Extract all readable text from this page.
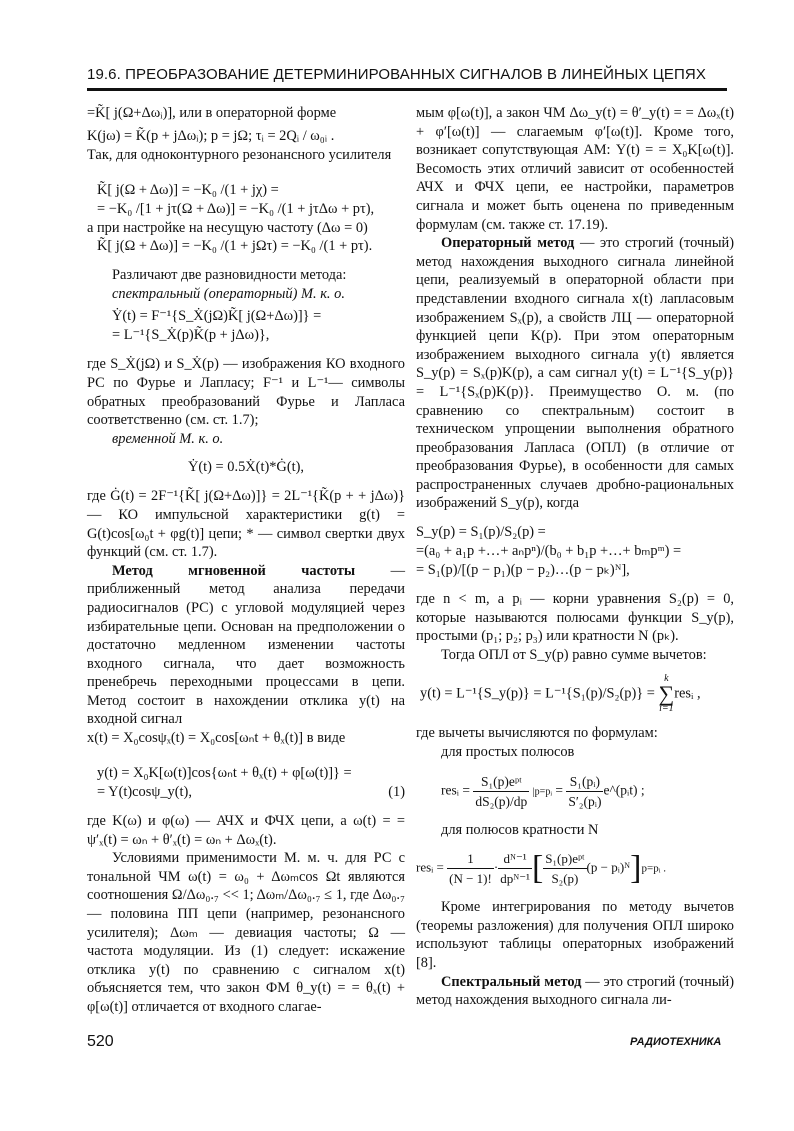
19.6. ПРЕОБРАЗОВАНИЕ ДЕТЕРМИНИРОВАННЫХ СИГНАЛОВ В ЛИНЕЙНЫХ ЦЕПЯХ

=K̃[ j(Ω+Δωᵢ)], или в операторной форме

K(jω) = K̃(p + jΔωᵢ); p = jΩ; τᵢ = 2Qᵢ / ω₀ᵢ .

Так, для одноконтурного резонансного усилителя

K̃[ j(Ω + Δω)] = −K₀ /(1 + jχ) =

= −K₀ /[1 + jτ(Ω + Δω)] = −K₀ /(1 + jτΔω + pτ),

а при настройке на несущую частоту (Δω = 0)

K̃[ j(Ω + Δω)] = −K₀ /(1 + jΩτ) = −K₀ /(1 + pτ).

Различают две разновидности метода:

спектральный (операторный) М. к. о.

Ẏ(t) = F⁻¹{S_Ẋ(jΩ)K̃[ j(Ω+Δω)]} =

= L⁻¹{S_Ẋ(p)K̃(p + jΔω)},

где S_Ẋ(jΩ) и S_Ẋ(p) — изображения КО входного РС по Фурье и Лапласу; F⁻¹ и L⁻¹— символы обратных преобразований Фурье и Лапласа соответственно (см. ст. 1.7);

временной М. к. о.

Ẏ(t) = 0.5Ẋ(t)*Ġ(t),

где Ġ(t) = 2F⁻¹{K̃[ j(Ω+Δω)]} = 2L⁻¹{K̃(p + + jΔω)} — КО импульсной характеристики g(t) = G(t)cos[ω₀t + φg(t)] цепи; * — символ свертки двух функций (см. ст. 1.7).

Метод мгновенной частоты — приближенный метод анализа передачи радиосигналов (РС) с угловой модуляцией через избирательные цепи. Основан на предположении о достаточно медленном изменении частоты входного сигнала, что дает возможность пренебречь переходными процессами в цепи. Метод состоит в нахождении отклика y(t) на входной сигнал

x(t) = X₀cosψₓ(t) = X₀cos[ωₙt + θₓ(t)] в виде

y(t) = X₀K[ω(t)]cos{ωₙt + θₓ(t) + φ[ω(t)]} =

= Y(t)cosψ_y(t),	(1)

где K(ω) и φ(ω) — АЧХ и ФЧХ цепи, а ω(t) = = ψ′ₓ(t) = ωₙ + θ′ₓ(t) = ωₙ + Δωₓ(t).

Условиями применимости М. м. ч. для РС с тональной ЧМ ω(t) = ω₀ + Δωₘcos Ωt являются соотношения Ω/Δω₀.₇ << 1; Δωₘ/Δω₀.₇ ≤ 1, где Δω₀.₇ — половина ПП цепи (например, резонансного усилителя); Δωₘ — девиация частоты; Ω — частота модуляции. Из (1) следует: искажение отклика y(t) по сравнению с сигналом x(t) объясняется тем, что закон ФМ θ_y(t) = = θₓ(t) + φ[ω(t)] отличается от входного слагае-

мым φ[ω(t)], а закон ЧМ Δω_y(t) = θ′_y(t) = = Δωₓ(t) + φ′[ω(t)] — слагаемым φ′[ω(t)]. Кроме того, возникает сопутствующая АМ: Y(t) = = X₀K[ω(t)]. Весомость этих отличий зависит от особенностей АЧХ и ФЧХ цепи, ее настройки, параметров сигнала и может быть оценена по приведенным формулам (см. также ст. 17.19).

Операторный метод — это строгий (точный) метод нахождения выходного сигнала линейной цепи, реализуемый в операторной области при представлении входного сигнала x(t) лапласовым изображением Sₓ(p), а свойств ЛЦ — операторной функцией цепи K(p). При этом операторным изображением выходного сигнала y(t) является S_y(p) = Sₓ(p)K(p), а сам сигнал y(t) = L⁻¹{S_y(p)} = L⁻¹{Sₓ(p)K(p)}. Преимущество О. м. (по сравнению со спектральным) состоит в техническом упрощении выполнения обратного преобразования Лапласа (ОПЛ) (в отличие от преобразования Фурье), в особенности для самых распространенных случаев дробно-рациональных изображений S_y(p), когда

S_y(p) = S₁(p)/S₂(p) =

=(a₀ + a₁p +…+ aₙpⁿ)/(b₀ + b₁p +…+ bₘpᵐ) =

= S₁(p)/[(p − p₁)(p − p₂)…(p − pₖ)ᴺ],

где n < m, а pᵢ — корни уравнения S₂(p) = 0, которые называются полюсами функции S_y(p), простыми (p₁; p₂; p₃) или кратности N (pₖ).

Тогда ОПЛ от S_y(p) равно сумме вычетов:

y(t) = L⁻¹{S_y(p)} = L⁻¹{S₁(p)/S₂(p)} =
k
∑
i=1
resᵢ ,

где вычеты вычисляются по формулам:

для простых полюсов

resᵢ = $\frac{\text{S₁(p)eᵖᵗ}}{\text{dS₂(p)/dp}}$ |p=pᵢ = $\frac{\text{S₁(pᵢ)}}{\text{S′₂(pᵢ)}}$ e^(pᵢt) ;

для полюсов кратности N

resᵢ = $\frac{1}{(N - 1)!} \cdot \frac{\text{dᴺ⁻¹}}{\text{dpᴺ⁻¹}}$ [ $\frac{\text{S₁(p)eᵖᵗ}}{\text{S₂(p)}} (p$ − pᵢ)ᴺ]p=pᵢ .

Кроме интегрирования по методу вычетов (теоремы разложения) для получения ОПЛ широко используют таблицы операторных изображений [8].

Спектральный метод — это строгий (точный) метод нахождения выходного сигнала ли-

520	РАДИОТЕХНИКА
